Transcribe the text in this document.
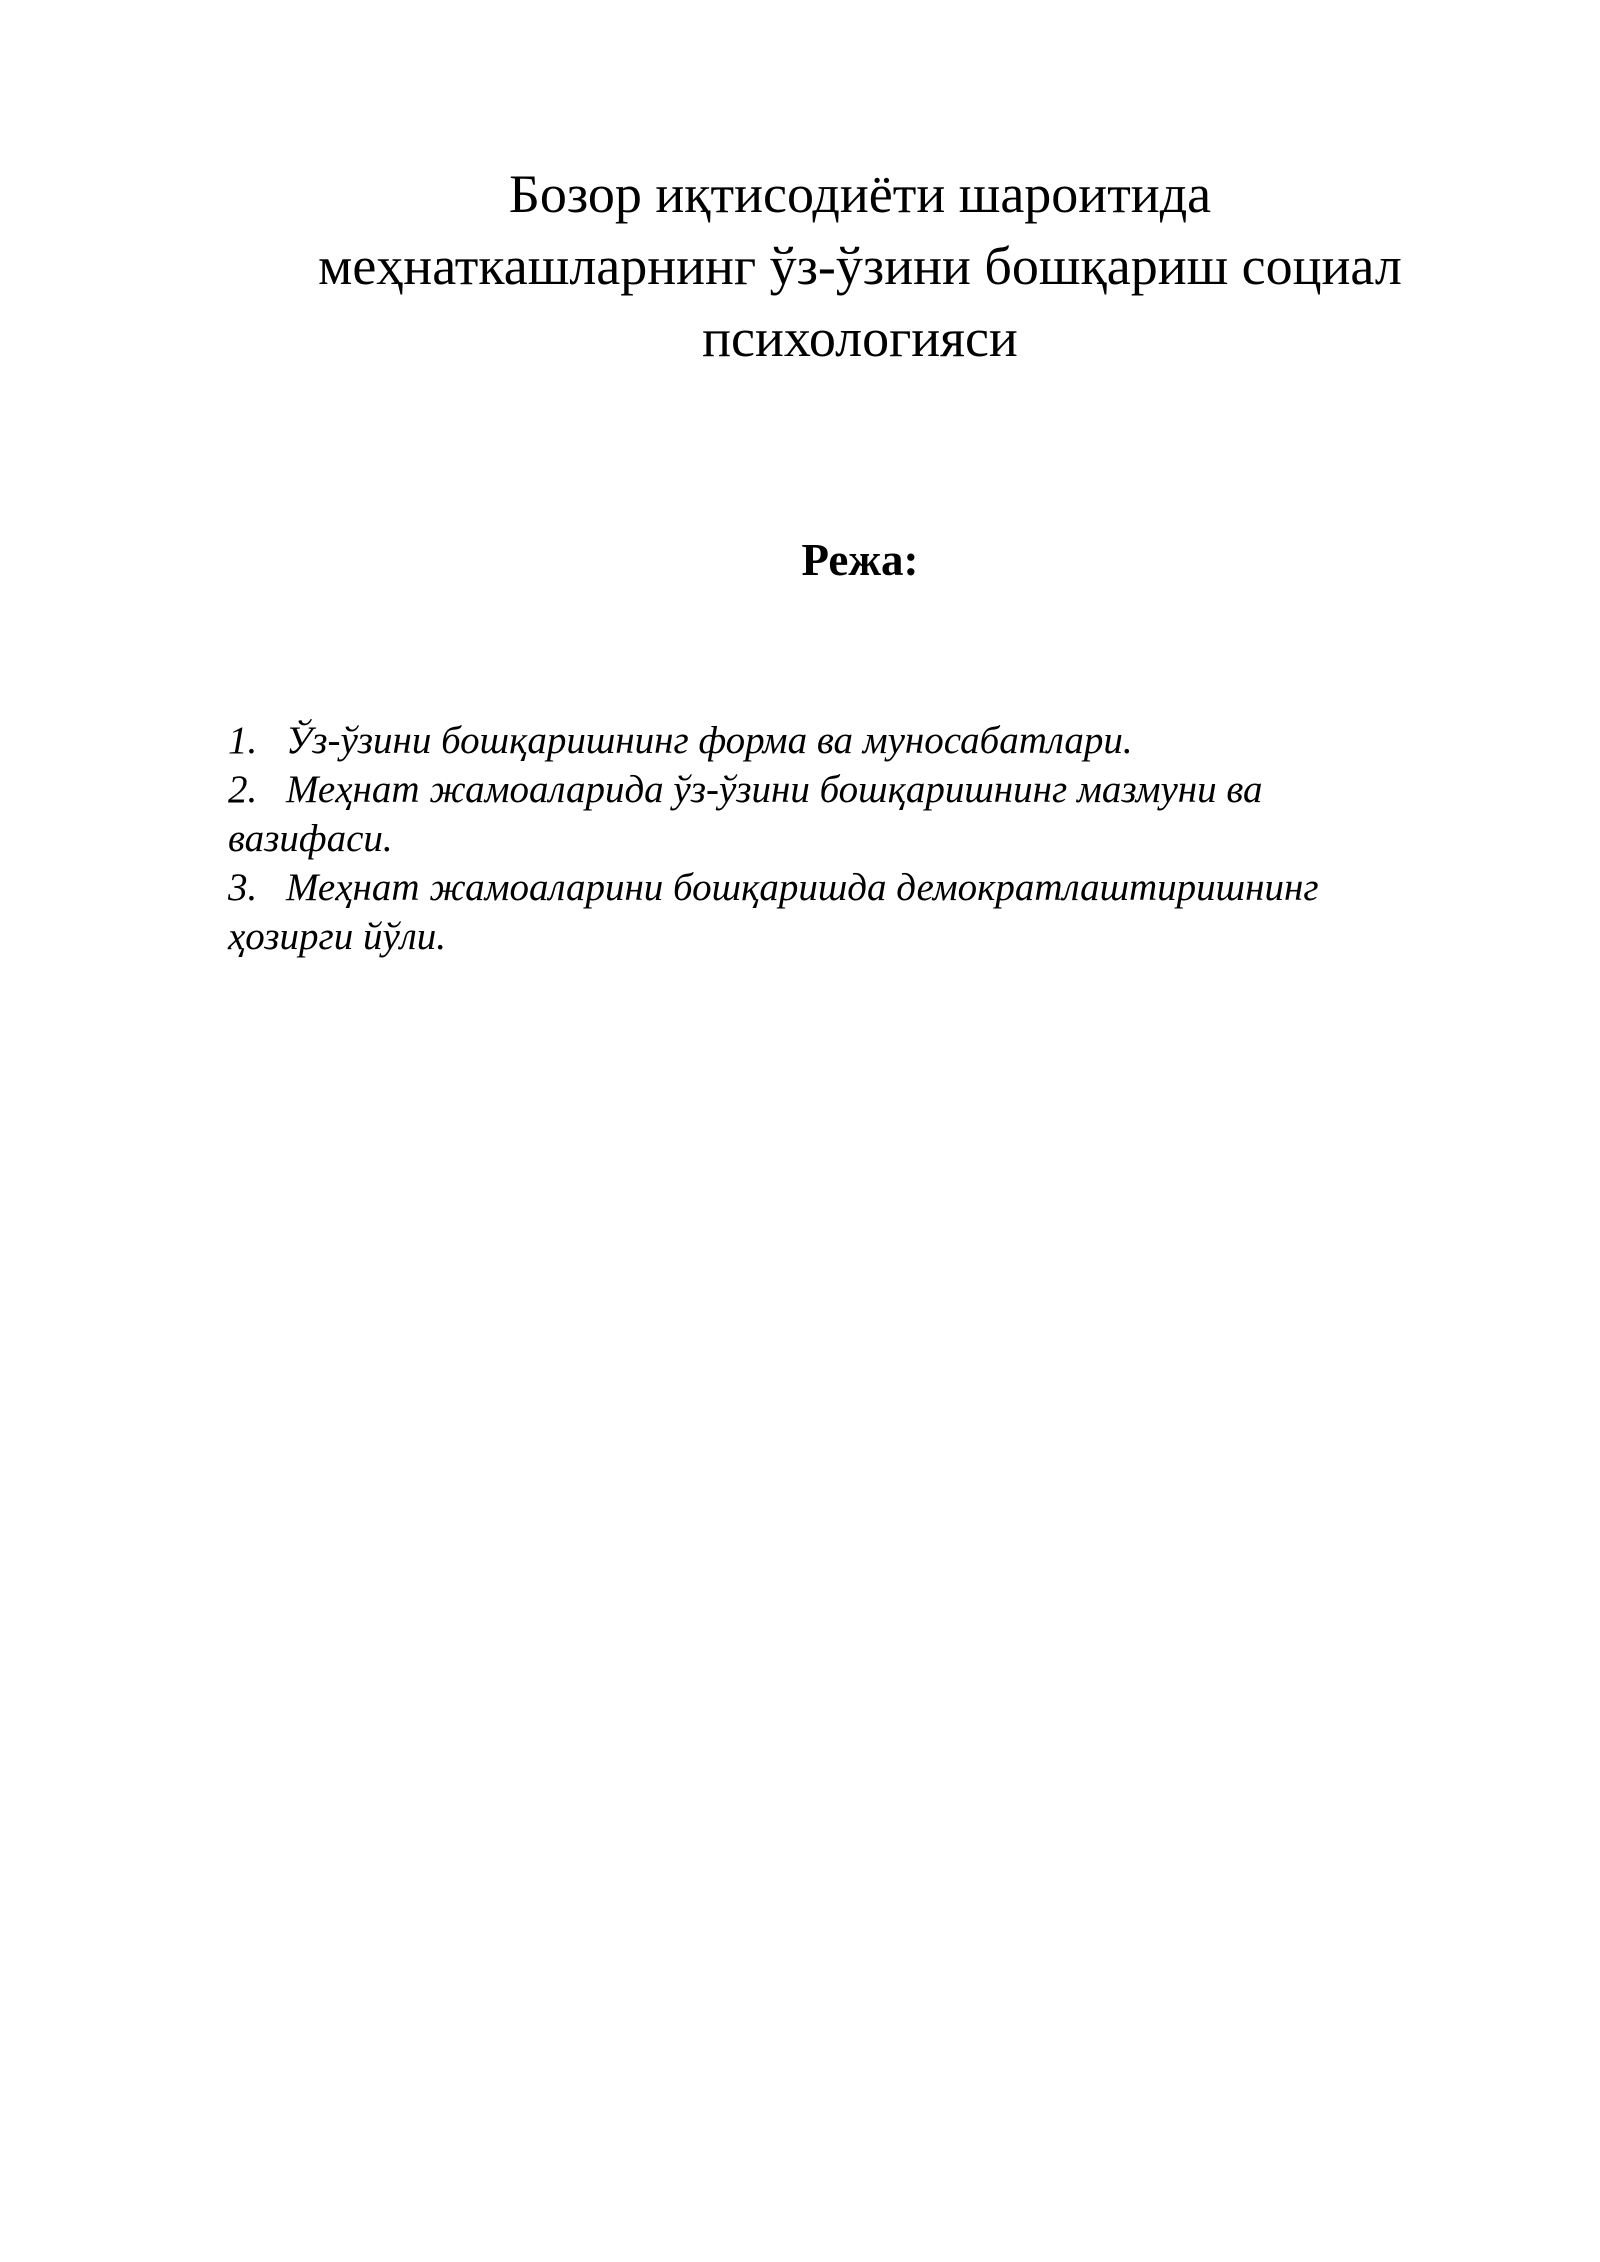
Бозор иқтисодиёти шароитида
меҳнаткашларнинг ўз-ўзини бошқариш социал
психологияси
Режа:
1. Ўз-ўзини бошқаришнинг форма ва муносабатлари.
2. Меҳнат жамоаларида ўз-ўзини бошқаришнинг мазмуни ва
вазифаси.
3. Меҳнат жамоаларини бошқаришда демократлаштиришнинг
ҳозирги йўли.
